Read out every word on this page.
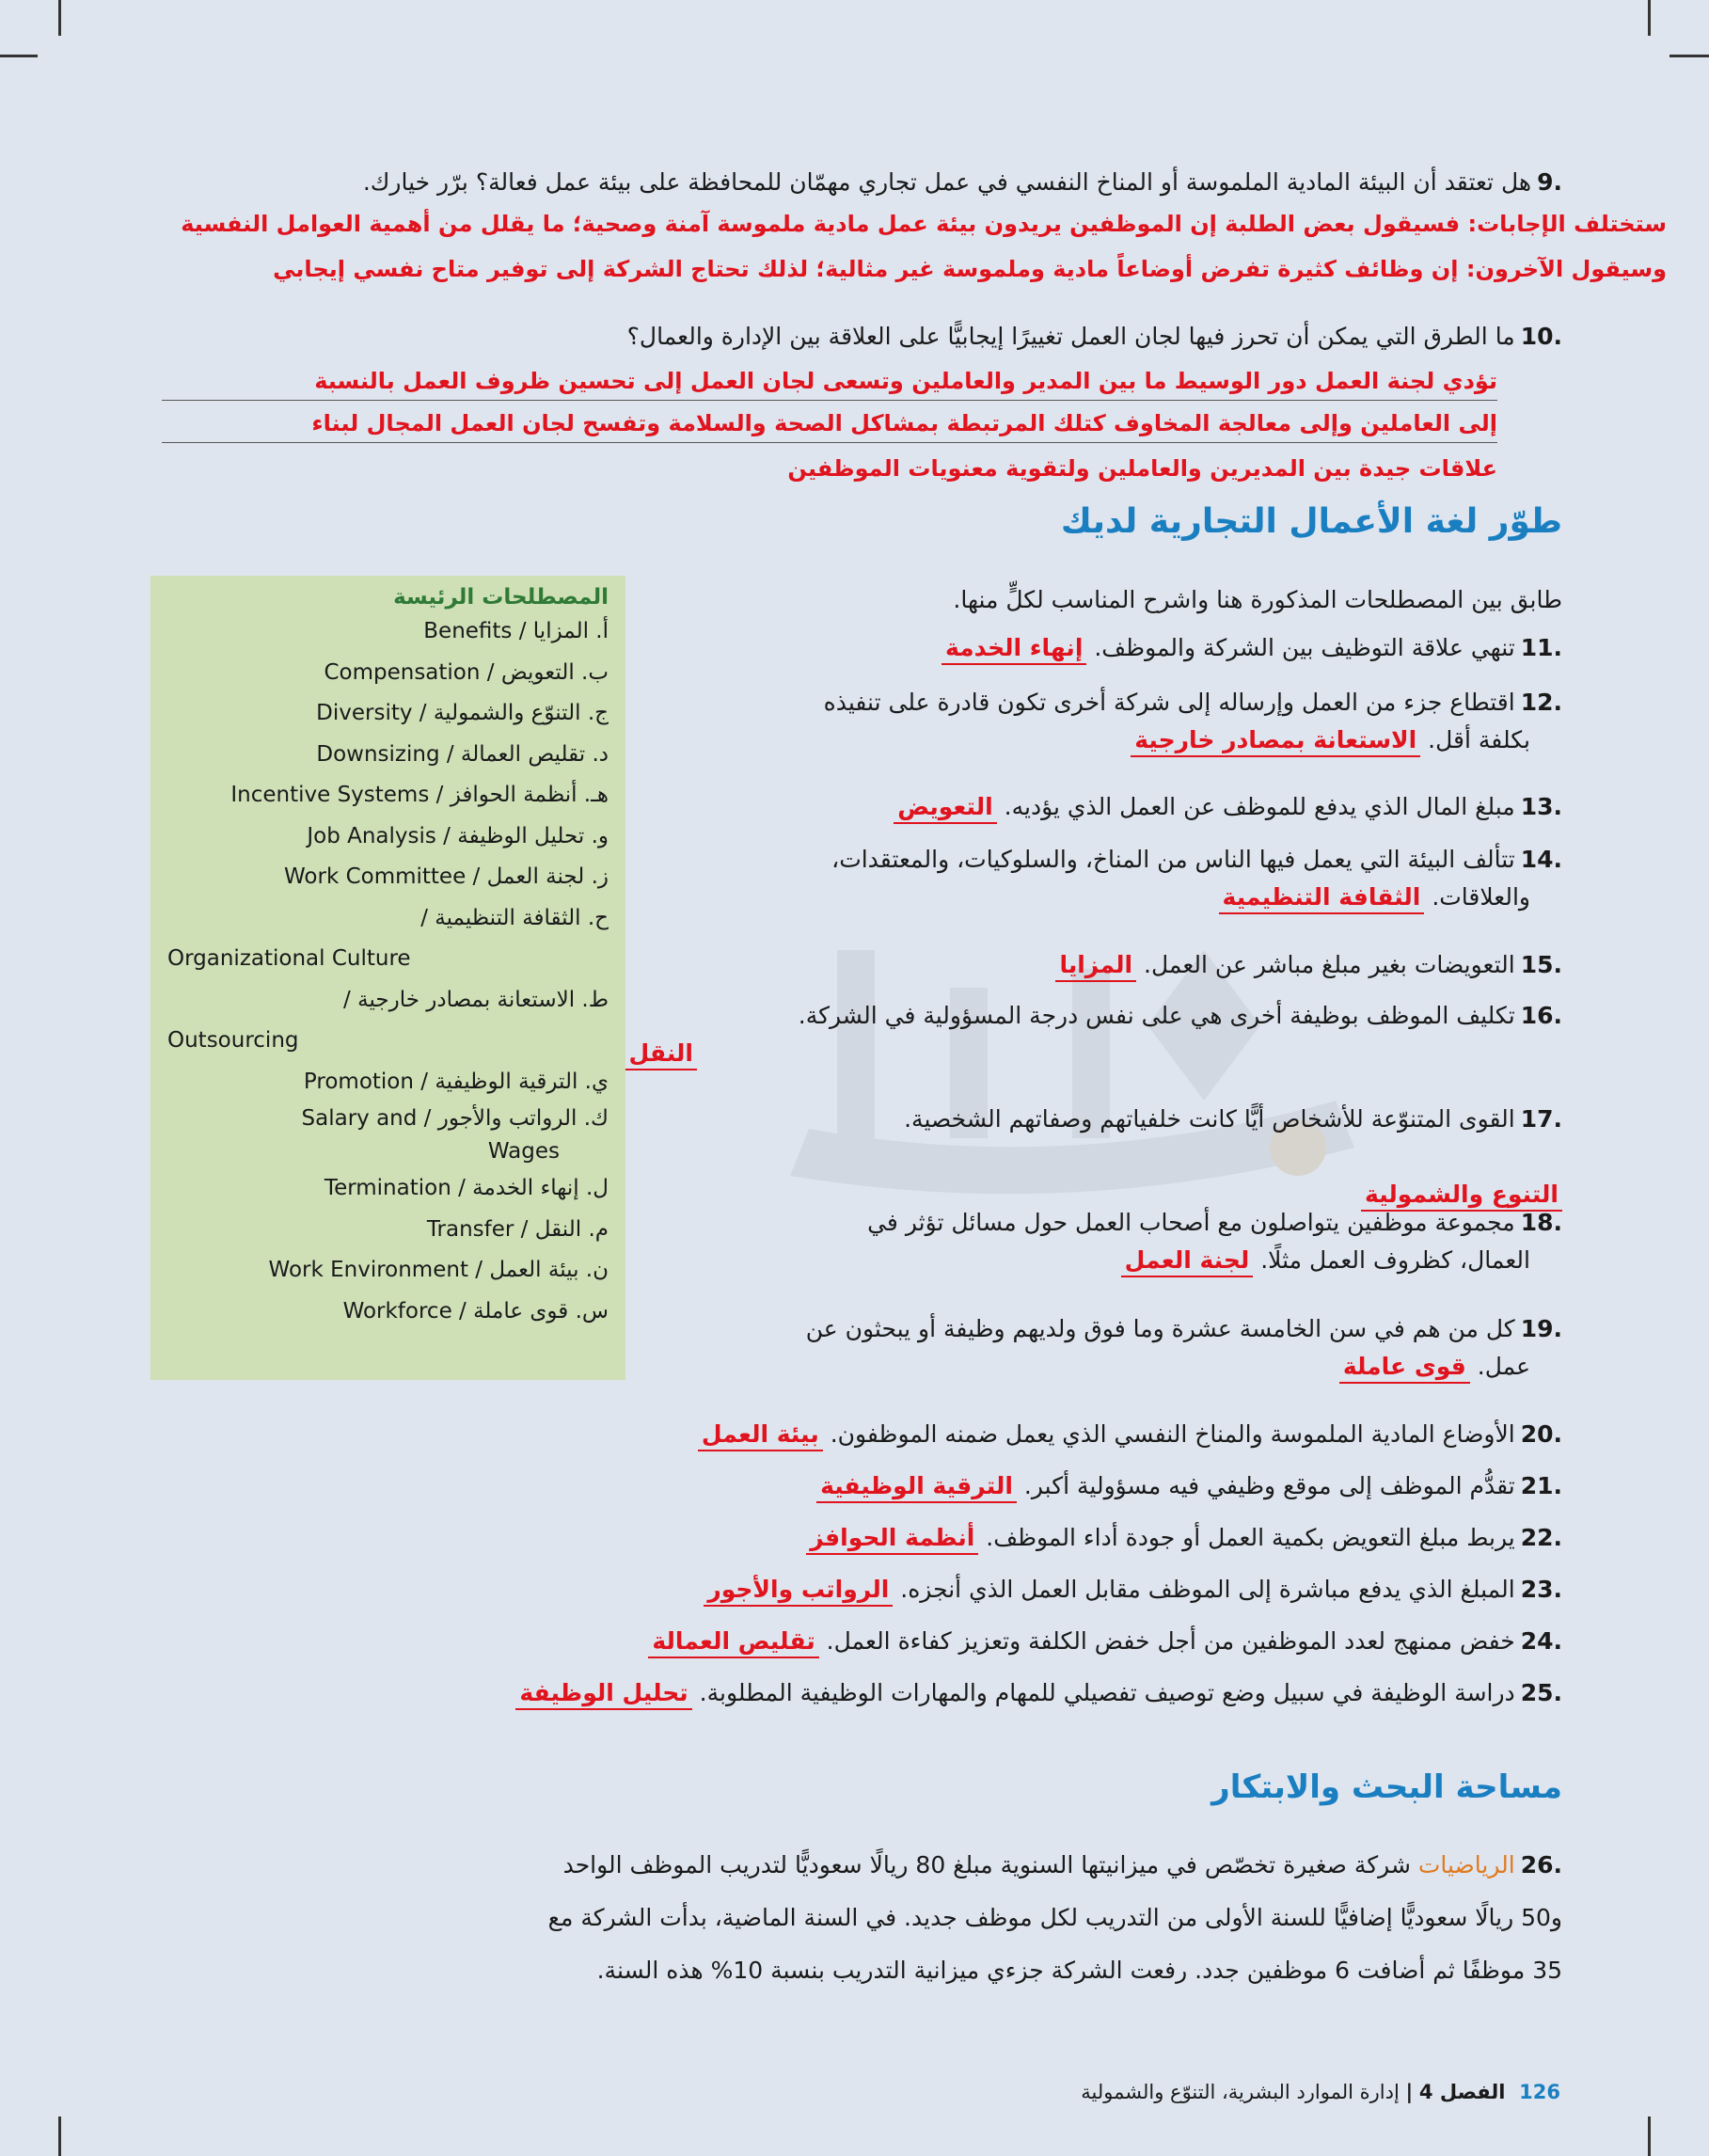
.9هل تعتقد أن البيئة المادية الملموسة أو المناخ النفسي في عمل تجاري مهمّان للمحافظة على بيئة عمل فعالة؟ برّر خيارك.
ستختلف الإجابات: فسيقول بعض الطلبة إن الموظفين يريدون بيئة عمل مادية ملموسة آمنة وصحية؛ ما يقلل من أهمية العوامل النفسية
وسيقول الآخرون: إن وظائف كثيرة تفرض أوضاعاً مادية وملموسة غير مثالية؛ لذلك تحتاج الشركة إلى توفير متاح نفسي إيجابي
.10ما الطرق التي يمكن أن تحرز فيها لجان العمل تغييرًا إيجابيًّا على العلاقة بين الإدارة والعمال؟
تؤدي لجنة العمل دور الوسيط ما بين المدير والعاملين وتسعى لجان العمل إلى تحسين ظروف العمل بالنسبة
إلى العاملين وإلى معالجة المخاوف كتلك المرتبطة بمشاكل الصحة والسلامة وتفسح لجان العمل المجال لبناء
علاقات جيدة بين المديرين والعاملين ولتقوية معنويات الموظفين
طوّر لغة الأعمال التجارية لديك
المصطلحات الرئيسة
أ. المزايا / Benefits
ب. التعويض / Compensation
ج. التنوّع والشمولية / Diversity
د. تقليص العمالة / Downsizing
هـ. أنظمة الحوافز / Incentive Systems
و. تحليل الوظيفة / Job Analysis
ز. لجنة العمل / Work Committee
ح. الثقافة التنظيمية /
Organizational Culture
ط. الاستعانة بمصادر خارجية /
Outsourcing
ي. الترقية الوظيفية / Promotion
ك. الرواتب والأجور / Salary and
Wages
ل. إنهاء الخدمة / Termination
م. النقل / Transfer
ن. بيئة العمل / Work Environment
س. قوى عاملة / Workforce
طابق بين المصطلحات المذكورة هنا واشرح المناسب لكلٍّ منها.
.11تنهي علاقة التوظيف بين الشركة والموظف. إنهاء الخدمة
.12اقتطاع جزء من العمل وإرساله إلى شركة أخرى تكون قادرة على تنفيذه
بكلفة أقل. الاستعانة بمصادر خارجية
.13مبلغ المال الذي يدفع للموظف عن العمل الذي يؤديه. التعويض
.14تتألف البيئة التي يعمل فيها الناس من المناخ، والسلوكيات، والمعتقدات،
والعلاقات. الثقافة التنظيمية
.15التعويضات بغير مبلغ مباشر عن العمل. المزايا
.16تكليف الموظف بوظيفة أخرى هي على نفس درجة المسؤولية في الشركة.
النقل
.17القوى المتنوّعة للأشخاص أيًّا كانت خلفياتهم وصفاتهم الشخصية.
التنوع والشمولية
.18مجموعة موظفين يتواصلون مع أصحاب العمل حول مسائل تؤثر في
العمال، كظروف العمل مثلًا. لجنة العمل
.19كل من هم في سن الخامسة عشرة وما فوق ولديهم وظيفة أو يبحثون عن
عمل. قوى عاملة
.20الأوضاع المادية الملموسة والمناخ النفسي الذي يعمل ضمنه الموظفون. بيئة العمل
.21تقدُّم الموظف إلى موقع وظيفي فيه مسؤولية أكبر. الترقية الوظيفية
.22يربط مبلغ التعويض بكمية العمل أو جودة أداء الموظف. أنظمة الحوافز
.23المبلغ الذي يدفع مباشرة إلى الموظف مقابل العمل الذي أنجزه. الرواتب والأجور
.24خفض ممنهج لعدد الموظفين من أجل خفض الكلفة وتعزيز كفاءة العمل. تقليص العمالة
.25دراسة الوظيفة في سبيل وضع توصيف تفصيلي للمهام والمهارات الوظيفية المطلوبة. تحليل الوظيفة
مساحة البحث والابتكار
.26الرياضيات شركة صغيرة تخصّص في ميزانيتها السنوية مبلغ 80 ريالًا سعوديًّا لتدريب الموظف الواحد
و50 ريالًا سعوديًّا إضافيًّا للسنة الأولى من التدريب لكل موظف جديد. في السنة الماضية، بدأت الشركة مع
35 موظفًا ثم أضافت 6 موظفين جدد. رفعت الشركة جزءي ميزانية التدريب بنسبة 10% هذه السنة.
126 الفصل 4 | إدارة الموارد البشرية، التنوّع والشمولية
